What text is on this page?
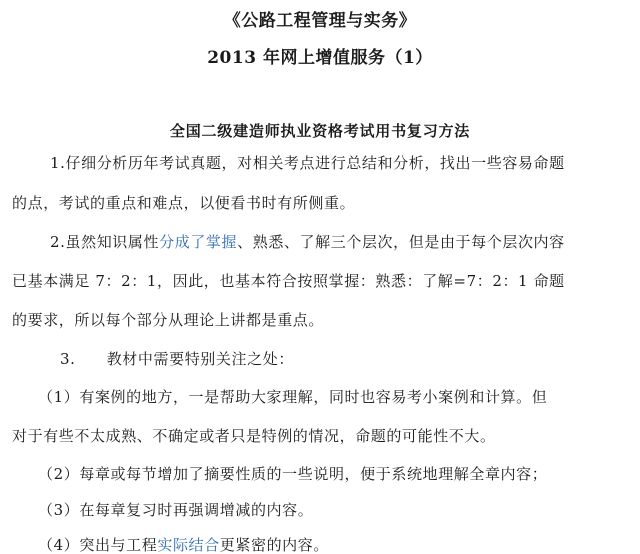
《公路工程管理与实务》
2013 年网上增值服务（1）
全国二级建造师执业资格考试用书复习方法
1.仔细分析历年考试真题，对相关考点进行总结和分析，找出一些容易命题
的点，考试的重点和难点，以便看书时有所侧重。
2.虽然知识属性分成了掌握、熟悉、了解三个层次，但是由于每个层次内容
已基本满足 7：2：1，因此，也基本符合按照掌握：熟悉：了解=7：2：1 命题
的要求，所以每个部分从理论上讲都是重点。
3.　　教材中需要特别关注之处：
（1）有案例的地方，一是帮助大家理解，同时也容易考小案例和计算。但
对于有些不太成熟、不确定或者只是特例的情况，命题的可能性不大。
（2）每章或每节增加了摘要性质的一些说明，便于系统地理解全章内容；
（3）在每章复习时再强调增减的内容。
（4）突出与工程实际结合更紧密的内容。
